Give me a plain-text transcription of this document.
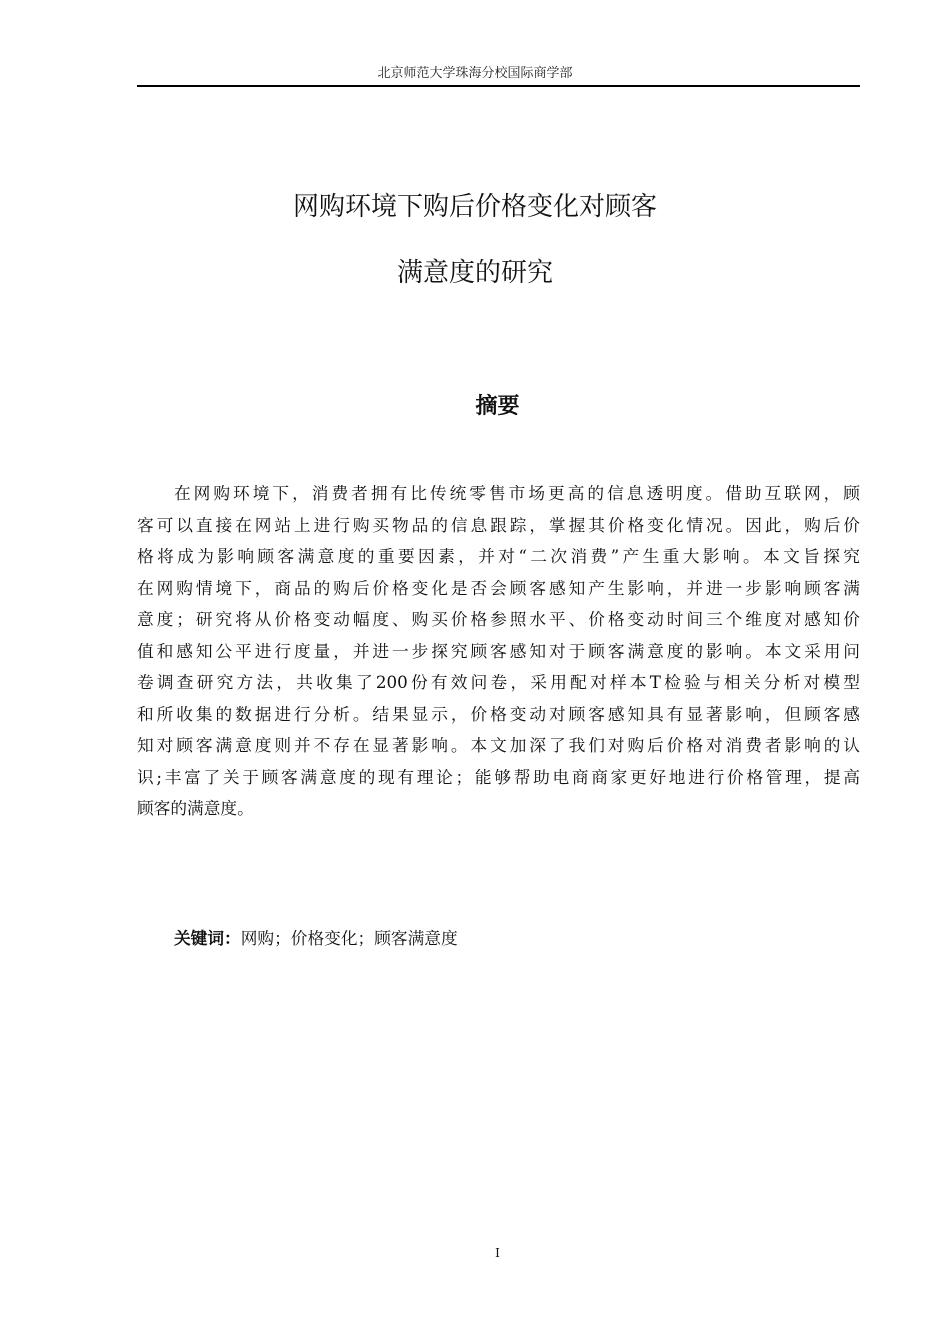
北京师范大学珠海分校国际商学部
网购环境下购后价格变化对顾客
满意度的研究
摘要
在网购环境下，消费者拥有比传统零售市场更高的信息透明度。借助互联网，顾
客可以直接在网站上进行购买物品的信息跟踪，掌握其价格变化情况。因此，购后价
格将成为影响顾客满意度的重要因素，并对“二次消费”产生重大影响。本文旨探究
在网购情境下，商品的购后价格变化是否会顾客感知产生影响，并进一步影响顾客满
意度；研究将从价格变动幅度、购买价格参照水平、价格变动时间三个维度对感知价
值和感知公平进行度量，并进一步探究顾客感知对于顾客满意度的影响。本文采用问
卷调查研究方法，共收集了200份有效问卷，采用配对样本T检验与相关分析对模型
和所收集的数据进行分析。结果显示，价格变动对顾客感知具有显著影响，但顾客感
知对顾客满意度则并不存在显著影响。本文加深了我们对购后价格对消费者影响的认
识;丰富了关于顾客满意度的现有理论；能够帮助电商商家更好地进行价格管理，提高
顾客的满意度。
关键词：网购；价格变化；顾客满意度
I
